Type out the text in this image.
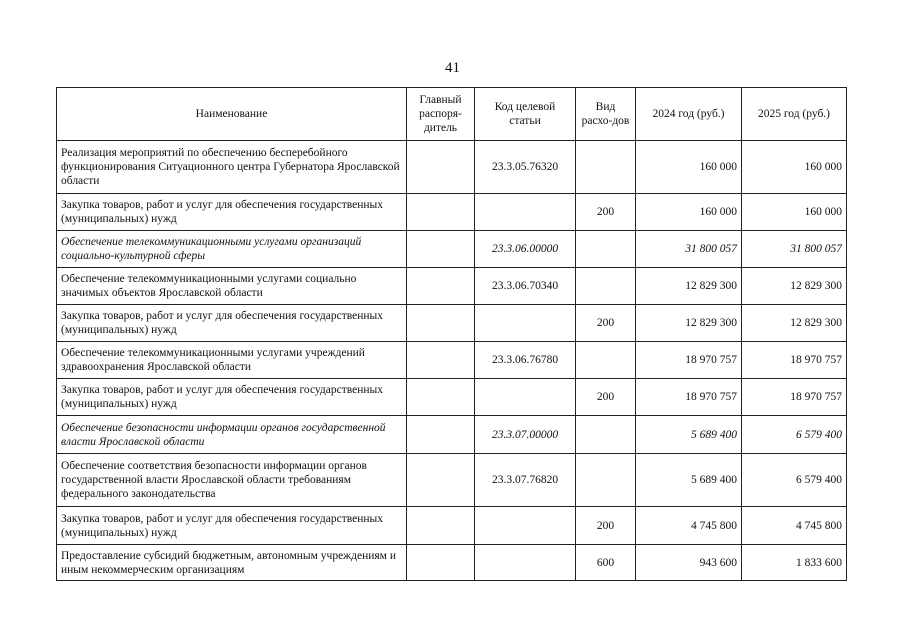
41
Наименование	Главный распоря-дитель	Код целевой статьи	Вид расхо-дов	2024 год (руб.)	2025 год (руб.)
Реализация мероприятий по обеспечению бесперебойного функционирования Ситуационного центра Губернатора Ярославской области		23.3.05.76320		160 000	160 000
Закупка товаров, работ и услуг для обеспечения государственных (муниципальных) нужд			200	160 000	160 000
Обеспечение телекоммуникационными услугами организаций социально-культурной сферы		23.3.06.00000		31 800 057	31 800 057
Обеспечение телекоммуникационными услугами социально значимых объектов Ярославской области		23.3.06.70340		12 829 300	12 829 300
Закупка товаров, работ и услуг для обеспечения государственных (муниципальных) нужд			200	12 829 300	12 829 300
Обеспечение телекоммуникационными услугами учреждений здравоохранения Ярославской области		23.3.06.76780		18 970 757	18 970 757
Закупка товаров, работ и услуг для обеспечения государственных (муниципальных) нужд			200	18 970 757	18 970 757
Обеспечение безопасности информации органов государственной власти Ярославской области		23.3.07.00000		5 689 400	6 579 400
Обеспечение соответствия безопасности информации органов государственной власти Ярославской области требованиям федерального законодательства		23.3.07.76820		5 689 400	6 579 400
Закупка товаров, работ и услуг для обеспечения государственных (муниципальных) нужд			200	4 745 800	4 745 800
Предоставление субсидий бюджетным, автономным учреждениям и иным некоммерческим организациям			600	943 600	1 833 600
